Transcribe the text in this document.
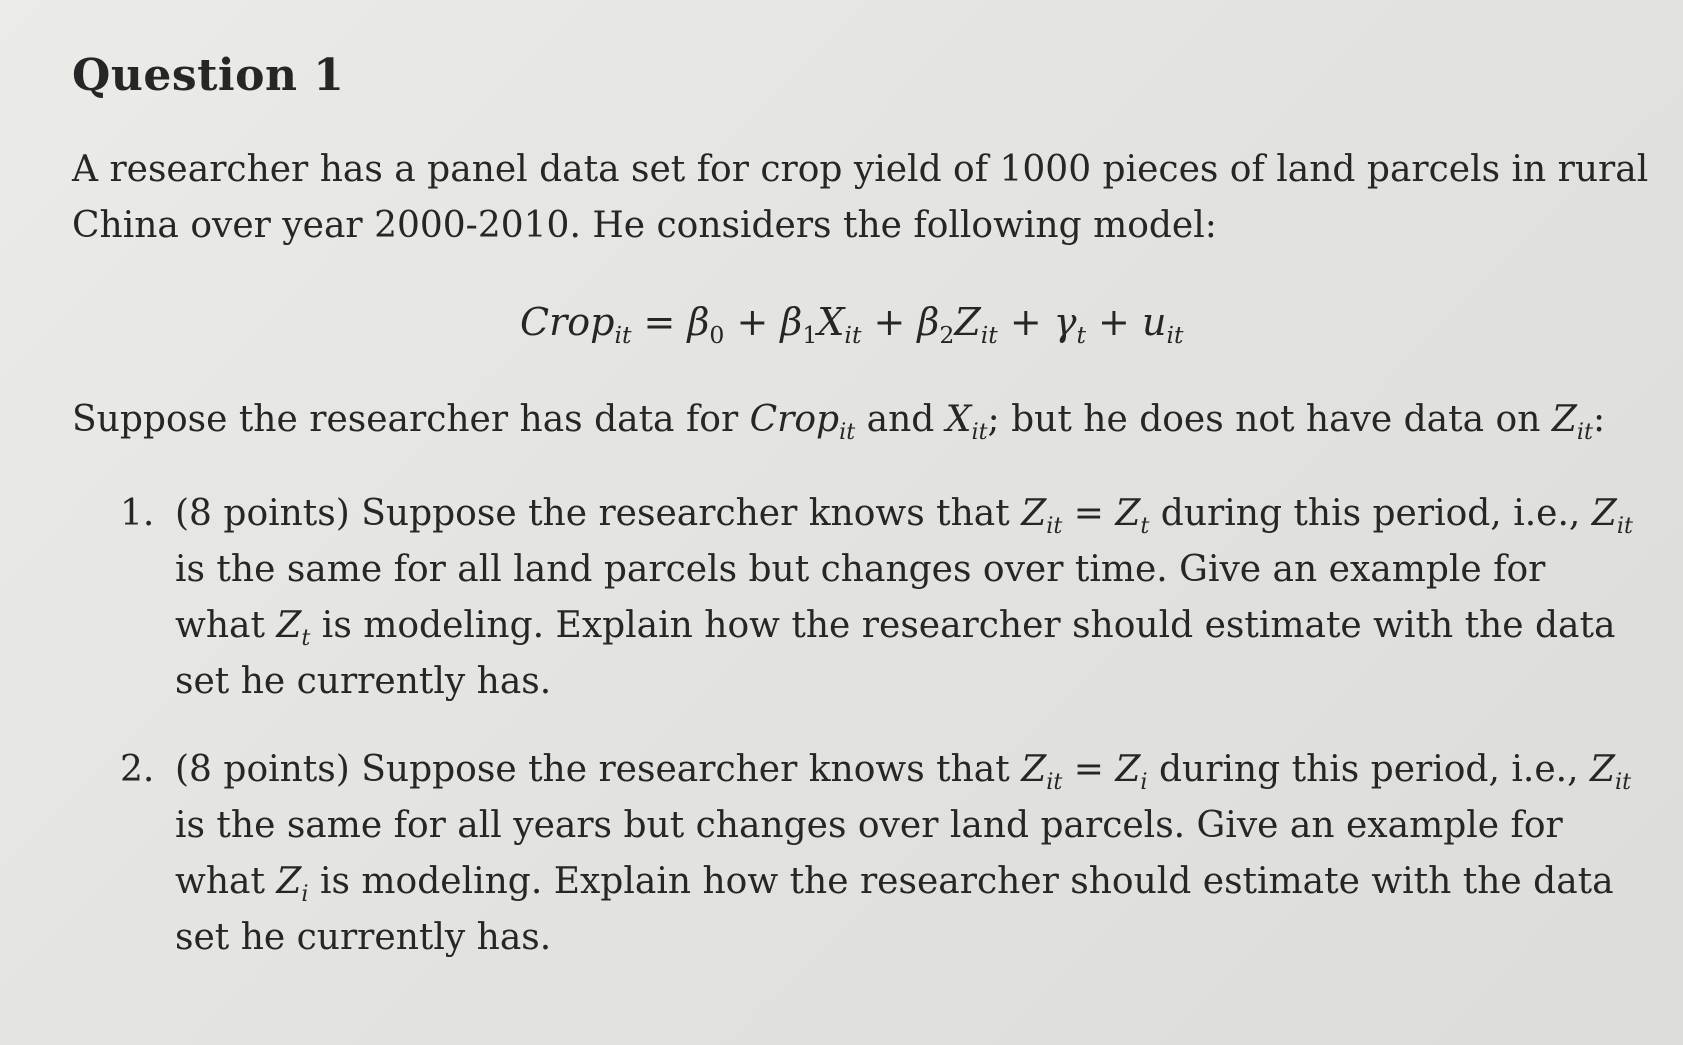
Question 1

A researcher has a panel data set for crop yield of 1000 pieces of land parcels in rural China over year 2000-2010. He considers the following model:

Crop$_{it}$ = $\beta_0 + \beta_1X_{it} + \beta_2Z_{it} + \gamma_t + u_{it}$

Suppose the researcher has data for Crop$_{it}$ and $X_{it}$; but he does not have data on $Z_{it}$:

1. (8 points) Suppose the researcher knows that $Z_{it} = Z_t$ during this period, i.e., $Z_{it}$ is the same for all land parcels but changes over time. Give an example for what $Z_t$ is modeling. Explain how the researcher should estimate with the data set he currently has.
2. (8 points) Suppose the researcher knows that $Z_{it} = Z_i$ during this period, i.e., $Z_{it}$ is the same for all years but changes over land parcels. Give an example for what $Z_i$ is modeling. Explain how the researcher should estimate with the data set he currently has.
